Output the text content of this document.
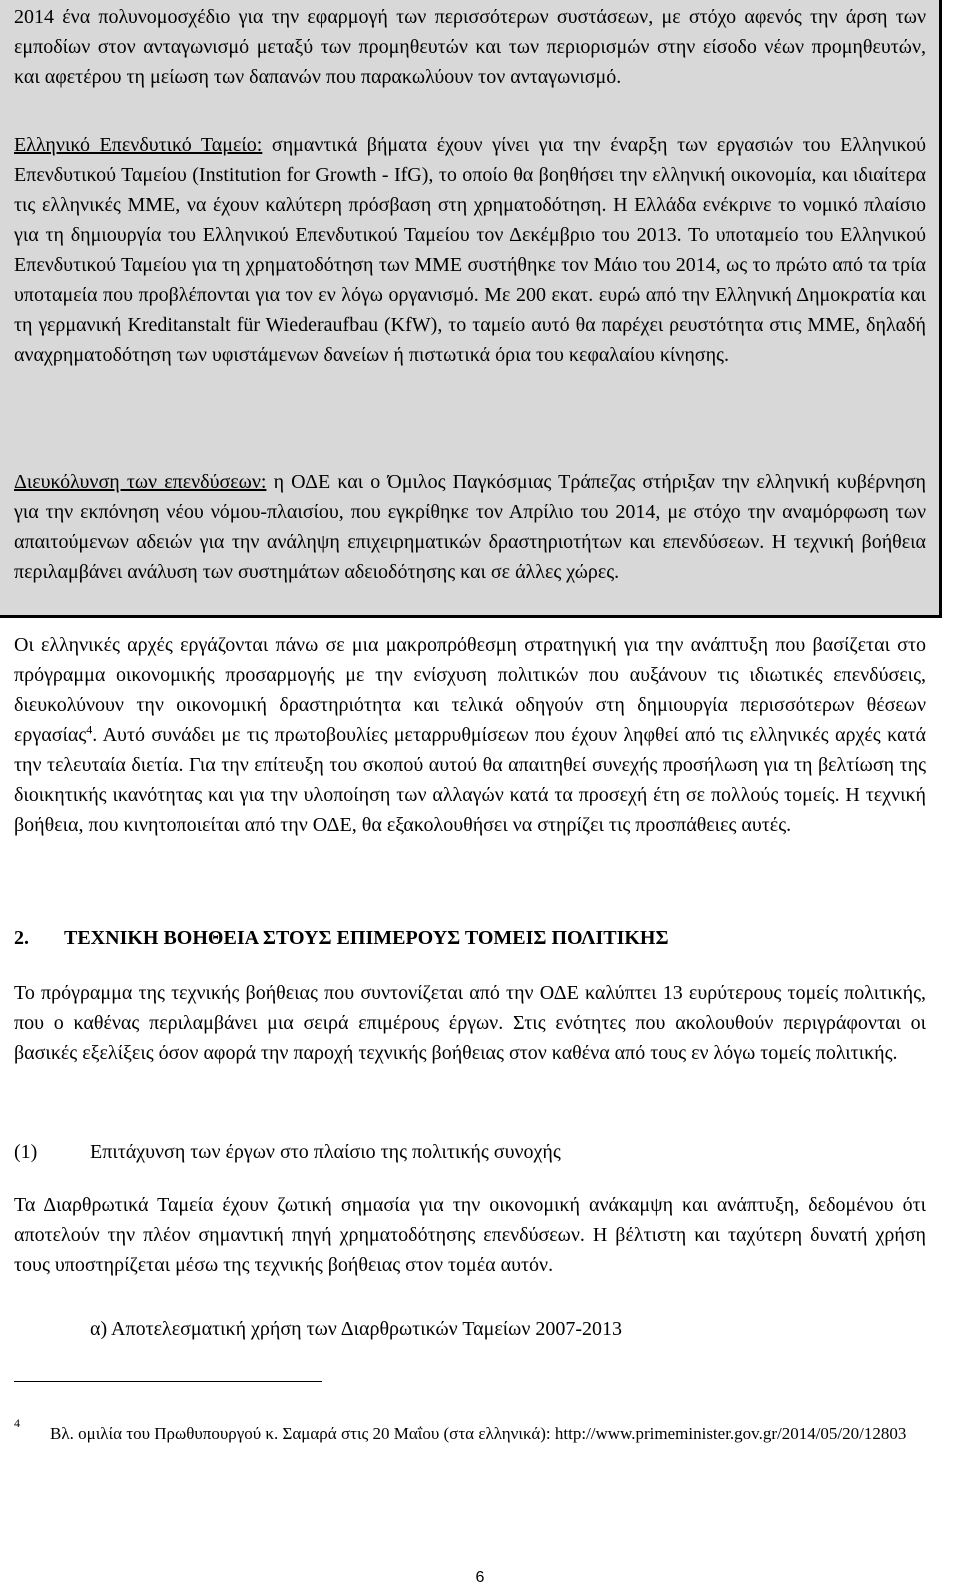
2014 ένα πολυνομοσχέδιο για την εφαρμογή των περισσότερων συστάσεων, με στόχο αφενός την άρση των εμποδίων στον ανταγωνισμό μεταξύ των προμηθευτών και των περιορισμών στην είσοδο νέων προμηθευτών, και αφετέρου τη μείωση των δαπανών που παρακωλύουν τον ανταγωνισμό.

Ελληνικό Επενδυτικό Ταμείο: σημαντικά βήματα έχουν γίνει για την έναρξη των εργασιών του Ελληνικού Επενδυτικού Ταμείου (Institution for Growth - IfG), το οποίο θα βοηθήσει την ελληνική οικονομία, και ιδιαίτερα τις ελληνικές ΜΜΕ, να έχουν καλύτερη πρόσβαση στη χρηματοδότηση. Η Ελλάδα ενέκρινε το νομικό πλαίσιο για τη δημιουργία του Ελληνικού Επενδυτικού Ταμείου τον Δεκέμβριο του 2013. Το υποταμείο του Ελληνικού Επενδυτικού Ταμείου για τη χρηματοδότηση των ΜΜΕ συστήθηκε τον Μάιο του 2014, ως το πρώτο από τα τρία υποταμεία που προβλέπονται για τον εν λόγω οργανισμό. Με 200 εκατ. ευρώ από την Ελληνική Δημοκρατία και τη γερμανική Kreditanstalt für Wiederaufbau (KfW), το ταμείο αυτό θα παρέχει ρευστότητα στις ΜΜΕ, δηλαδή αναχρηματοδότηση των υφιστάμενων δανείων ή πιστωτικά όρια του κεφαλαίου κίνησης.

Διευκόλυνση των επενδύσεων: η ΟΔΕ και ο Όμιλος Παγκόσμιας Τράπεζας στήριξαν την ελληνική κυβέρνηση για την εκπόνηση νέου νόμου-πλαισίου, που εγκρίθηκε τον Απρίλιο του 2014, με στόχο την αναμόρφωση των απαιτούμενων αδειών για την ανάληψη επιχειρηματικών δραστηριοτήτων και επενδύσεων. Η τεχνική βοήθεια περιλαμβάνει ανάλυση των συστημάτων αδειοδότησης και σε άλλες χώρες.

Οι ελληνικές αρχές εργάζονται πάνω σε μια μακροπρόθεσμη στρατηγική για την ανάπτυξη που βασίζεται στο πρόγραμμα οικονομικής προσαρμογής με την ενίσχυση πολιτικών που αυξάνουν τις ιδιωτικές επενδύσεις, διευκολύνουν την οικονομική δραστηριότητα και τελικά οδηγούν στη δημιουργία περισσότερων θέσεων εργασίας$^4$. Αυτό συνάδει με τις πρωτοβουλίες μεταρρυθμίσεων που έχουν ληφθεί από τις ελληνικές αρχές κατά την τελευταία διετία. Για την επίτευξη του σκοπού αυτού θα απαιτηθεί συνεχής προσήλωση για τη βελτίωση της διοικητικής ικανότητας και για την υλοποίηση των αλλαγών κατά τα προσεχή έτη σε πολλούς τομείς. Η τεχνική βοήθεια, που κινητοποιείται από την ΟΔΕ, θα εξακολουθήσει να στηρίζει τις προσπάθειες αυτές.

2. ΤΕΧΝΙΚΗ ΒΟΗΘΕΙΑ ΣΤΟΥΣ ΕΠΙΜΕΡΟΥΣ ΤΟΜΕΙΣ ΠΟΛΙΤΙΚΗΣ

Το πρόγραμμα της τεχνικής βοήθειας που συντονίζεται από την ΟΔΕ καλύπτει 13 ευρύτερους τομείς πολιτικής, που ο καθένας περιλαμβάνει μια σειρά επιμέρους έργων. Στις ενότητες που ακολουθούν περιγράφονται οι βασικές εξελίξεις όσον αφορά την παροχή τεχνικής βοήθειας στον καθένα από τους εν λόγω τομείς πολιτικής.

(1)	Επιτάχυνση των έργων στο πλαίσιο της πολιτικής συνοχής

Τα Διαρθρωτικά Ταμεία έχουν ζωτική σημασία για την οικονομική ανάκαμψη και ανάπτυξη, δεδομένου ότι αποτελούν την πλέον σημαντική πηγή χρηματοδότησης επενδύσεων. Η βέλτιστη και ταχύτερη δυνατή χρήση τους υποστηρίζεται μέσω της τεχνικής βοήθειας στον τομέα αυτόν.

α) Αποτελεσματική χρήση των Διαρθρωτικών Ταμείων 2007-2013
4

Βλ. ομιλία του Πρωθυπουργού κ. Σαμαρά στις 20 Μαΐου (στα ελληνικά): http://www.primeminister.gov.gr/2014/05/20/12803

6
